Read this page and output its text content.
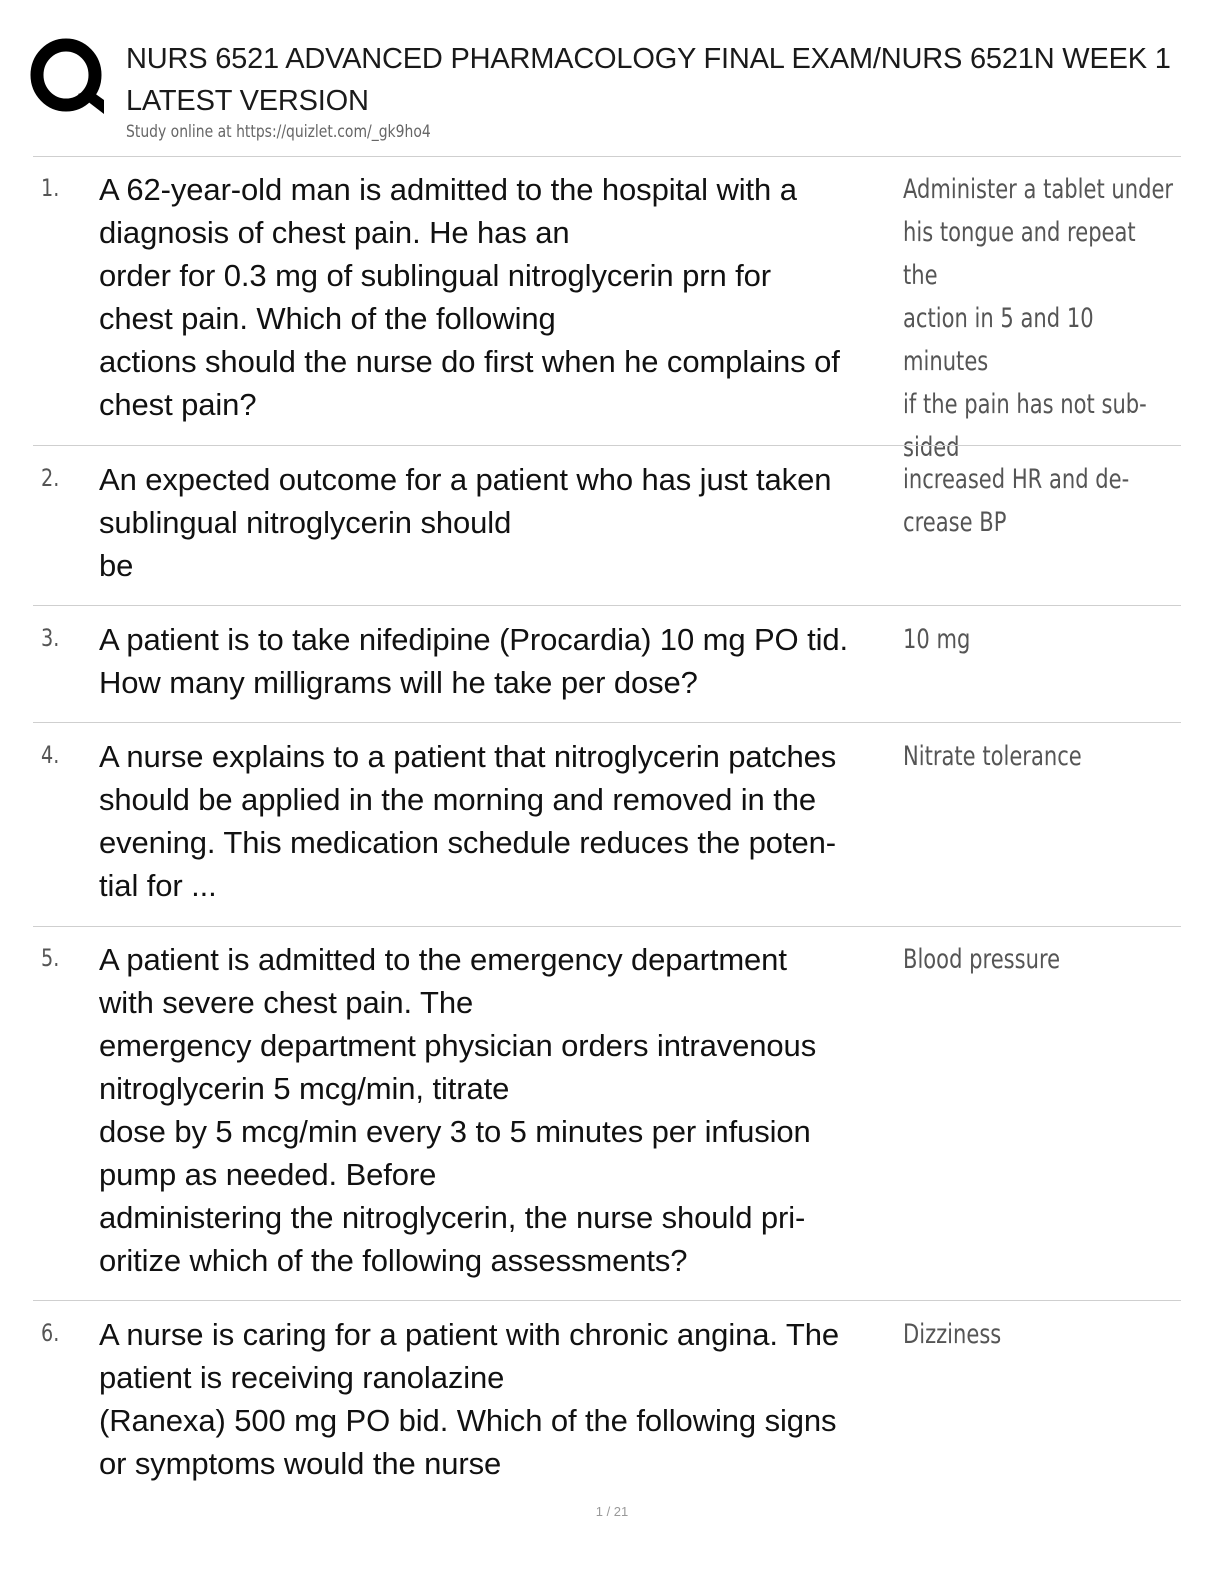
NURS 6521 ADVANCED PHARMACOLOGY FINAL EXAM/NURS 6521N WEEK 1 LATEST VERSION
Study online at https://quizlet.com/_gk9ho4
1. A 62-year-old man is admitted to the hospital with a
diagnosis of chest pain. He has an
order for 0.3 mg of sublingual nitroglycerin prn for
chest pain. Which of the following
actions should the nurse do first when he complains of
chest pain?
Administer a tablet under
his tongue and repeat the
action in 5 and 10 minutes
if the pain has not sub-
sided
2. An expected outcome for a patient who has just taken
sublingual nitroglycerin should
be
increased HR and de-
crease BP
3. A patient is to take nifedipine (Procardia) 10 mg PO tid.
How many milligrams will he take per dose?
10 mg
4. A nurse explains to a patient that nitroglycerin patches
should be applied in the morning and removed in the
evening. This medication schedule reduces the poten-
tial for ...
Nitrate tolerance
5. A patient is admitted to the emergency department
with severe chest pain. The
emergency department physician orders intravenous
nitroglycerin 5 mcg/min, titrate
dose by 5 mcg/min every 3 to 5 minutes per infusion
pump as needed. Before
administering the nitroglycerin, the nurse should pri-
oritize which of the following assessments?
Blood pressure
6. A nurse is caring for a patient with chronic angina. The
patient is receiving ranolazine
(Ranexa) 500 mg PO bid. Which of the following signs
or symptoms would the nurse
Dizziness
1 / 21
